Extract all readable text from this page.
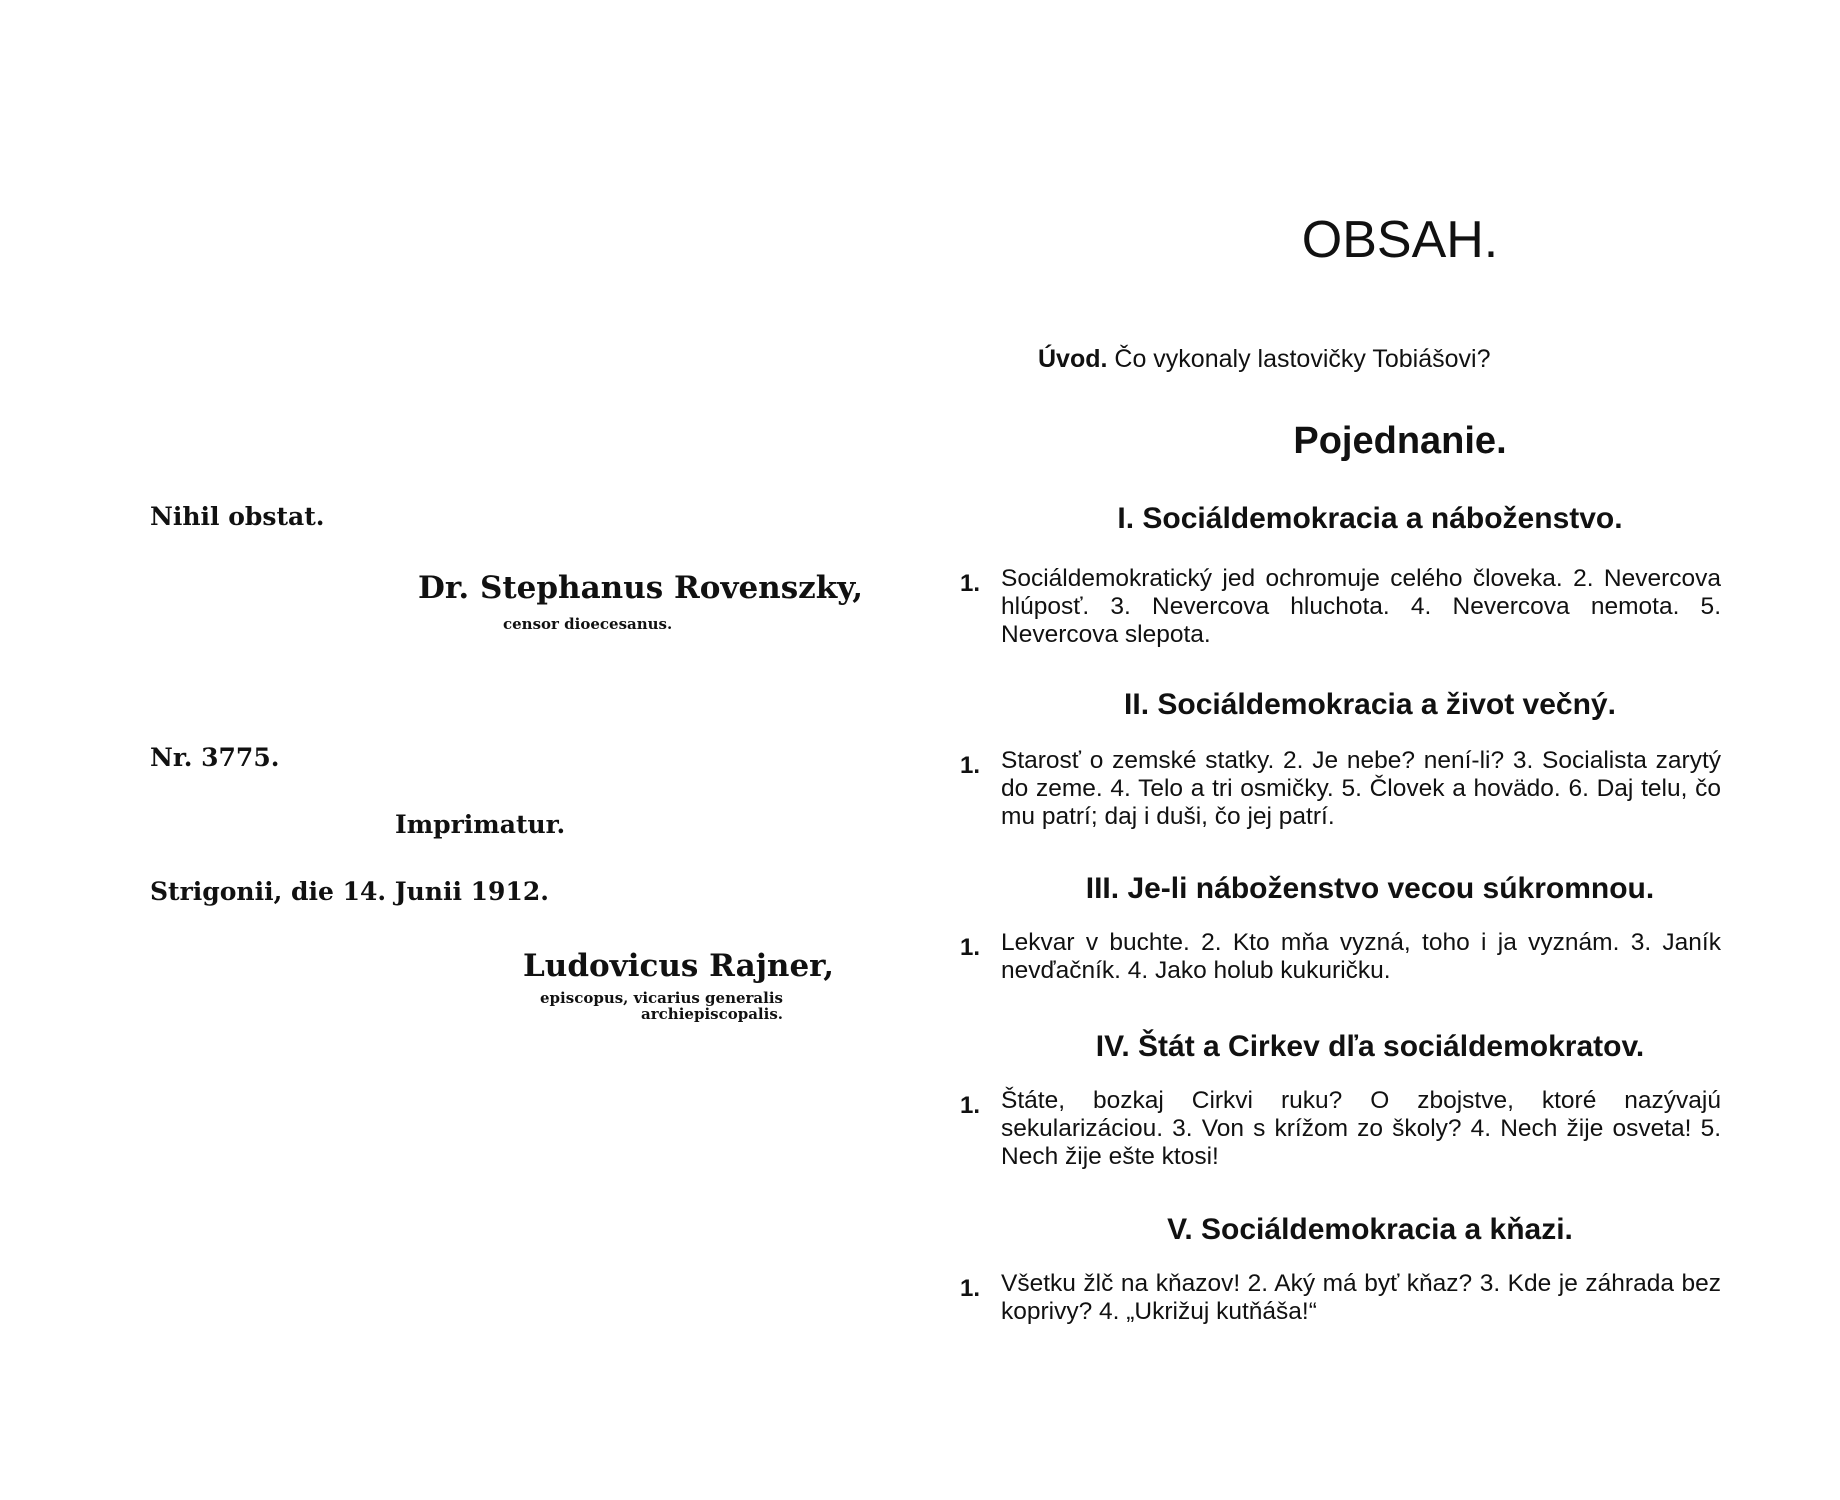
Nihil obstat.
Dr. Stephanus Rovenszky,
censor dioecesanus.
Nr. 3775.
Imprimatur.
Strigonii, die 14. Junii 1912.
Ludovicus Rajner,
episcopus, vicarius generalis archiepiscopalis.
OBSAH.
Úvod. Čo vykonaly lastovičky Tobiášovi?
Pojednanie.
I. Sociáldemokracia a náboženstvo.
1. Sociáldemokratický jed ochromuje celého človeka. 2. Nevercova hlúposť. 3. Nevercova hluchota. 4. Nevercova nemota. 5. Nevercova slepota.
II. Sociáldemokracia a život večný.
1. Starosť o zemské statky. 2. Je nebe? není-li? 3. Socialista zarytý do zeme. 4. Telo a tri osmičky. 5. Človek a hovädo. 6. Daj telu, čo mu patrí; daj i duši, čo jej patrí.
III. Je-li náboženstvo vecou súkromnou.
1. Lekvar v buchte. 2. Kto mňa vyzná, toho i ja vyznám. 3. Janík nevďačník. 4. Jako holub kukuričku.
IV. Štát a Cirkev dľa sociáldemokratov.
1. Štáte, bozkaj Cirkvi ruku? O zbojstve, ktoré nazývajú sekularizáciou. 3. Von s krížom zo školy? 4. Nech žije osveta! 5. Nech žije ešte ktosi!
V. Sociáldemokracia a kňazi.
1. Všetku žlč na kňazov! 2. Aký má byť kňaz? 3. Kde je záhrada bez koprivy? 4. „Ukrižuj kutňáša!“
